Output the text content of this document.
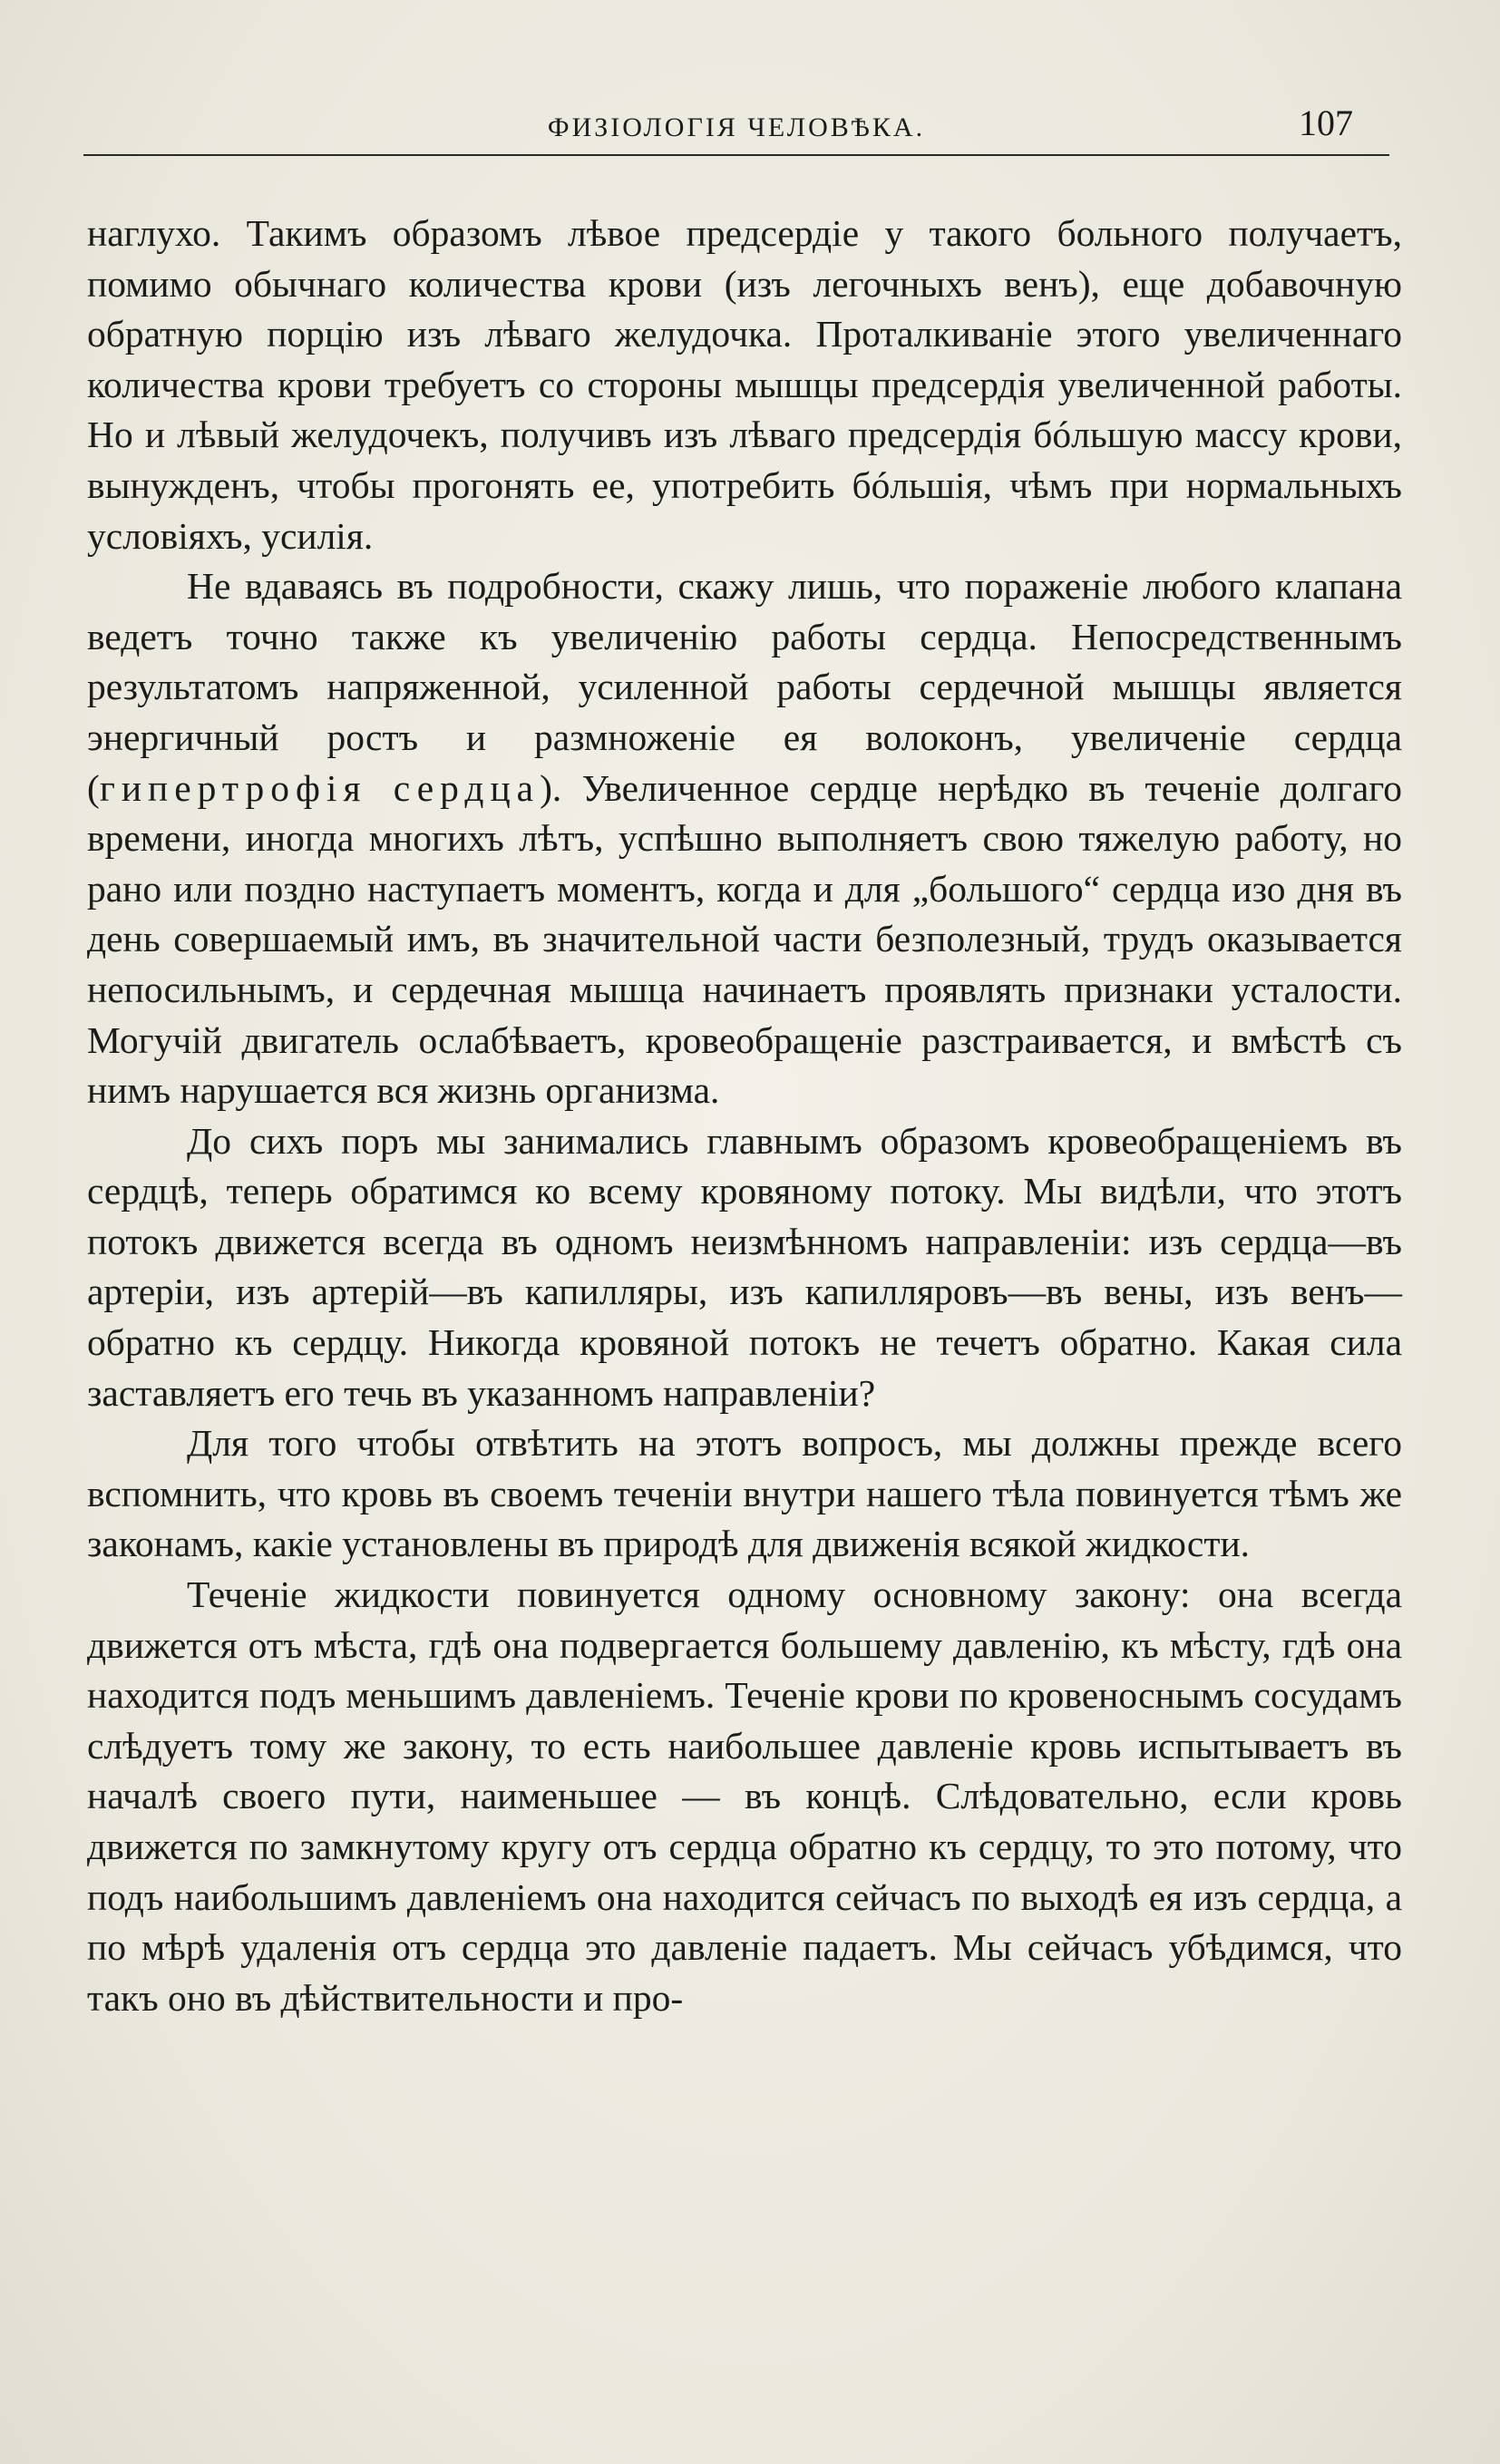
ФИЗІОЛОГІЯ ЧЕЛОВѢКА.	107

наглухо. Такимъ образомъ лѣвое предсердіе у такого больного получаетъ, помимо обычнаго количества крови (изъ легочныхъ венъ), еще добавочную обратную порцію изъ лѣваго желудочка. Проталкиваніе этого увеличеннаго количества крови требуетъ со стороны мышцы предсердія увеличенной работы. Но и лѣвый желудочекъ, получивъ изъ лѣваго предсердія бóльшую массу крови, вынужденъ, чтобы прогонять ее, употребить бóльшія, чѣмъ при нормальныхъ условіяхъ, усилія.

Не вдаваясь въ подробности, скажу лишь, что пораженіе любого клапана ведетъ точно также къ увеличенію работы сердца. Непосредственнымъ результатомъ напряженной, усиленной работы сердечной мышцы является энергичный ростъ и размноженіе ея волоконъ, увеличеніе сердца (гипертрофія сердца). Увеличенное сердце нерѣдко въ теченіе долгаго времени, иногда многихъ лѣтъ, успѣшно выполняетъ свою тяжелую работу, но рано или поздно наступаетъ моментъ, когда и для „большого“ сердца изо дня въ день совершаемый имъ, въ значительной части безполезный, трудъ оказывается непосильнымъ, и сердечная мышца начинаетъ проявлять признаки усталости. Могучій двигатель ослабѣваетъ, кровеобращеніе разстраивается, и вмѣстѣ съ нимъ нарушается вся жизнь организма.

До сихъ поръ мы занимались главнымъ образомъ кровеобращеніемъ въ сердцѣ, теперь обратимся ко всему кровяному потоку. Мы видѣли, что этотъ потокъ движется всегда въ одномъ неизмѣнномъ направленіи: изъ сердца—въ артеріи, изъ артерій—въ капилляры, изъ капилляровъ—въ вены, изъ венъ—обратно къ сердцу. Никогда кровяной потокъ не течетъ обратно. Какая сила заставляетъ его течь въ указанномъ направленіи?

Для того чтобы отвѣтить на этотъ вопросъ, мы должны прежде всего вспомнить, что кровь въ своемъ теченіи внутри нашего тѣла повинуется тѣмъ же законамъ, какіе установлены въ природѣ для движенія всякой жидкости.

Теченіе жидкости повинуется одному основному закону: она всегда движется отъ мѣста, гдѣ она подвергается большему давленію, къ мѣсту, гдѣ она находится подъ меньшимъ давленіемъ. Теченіе крови по кровеноснымъ сосудамъ слѣдуетъ тому же закону, то есть наибольшее давленіе кровь испытываетъ въ началѣ своего пути, наименьшее — въ концѣ. Слѣдовательно, если кровь движется по замкнутому кругу отъ сердца обратно къ сердцу, то это потому, что подъ наибольшимъ давленіемъ она находится сейчасъ по выходѣ ея изъ сердца, а по мѣрѣ удаленія отъ сердца это давленіе падаетъ. Мы сейчасъ убѣдимся, что такъ оно въ дѣйствительности и про-
